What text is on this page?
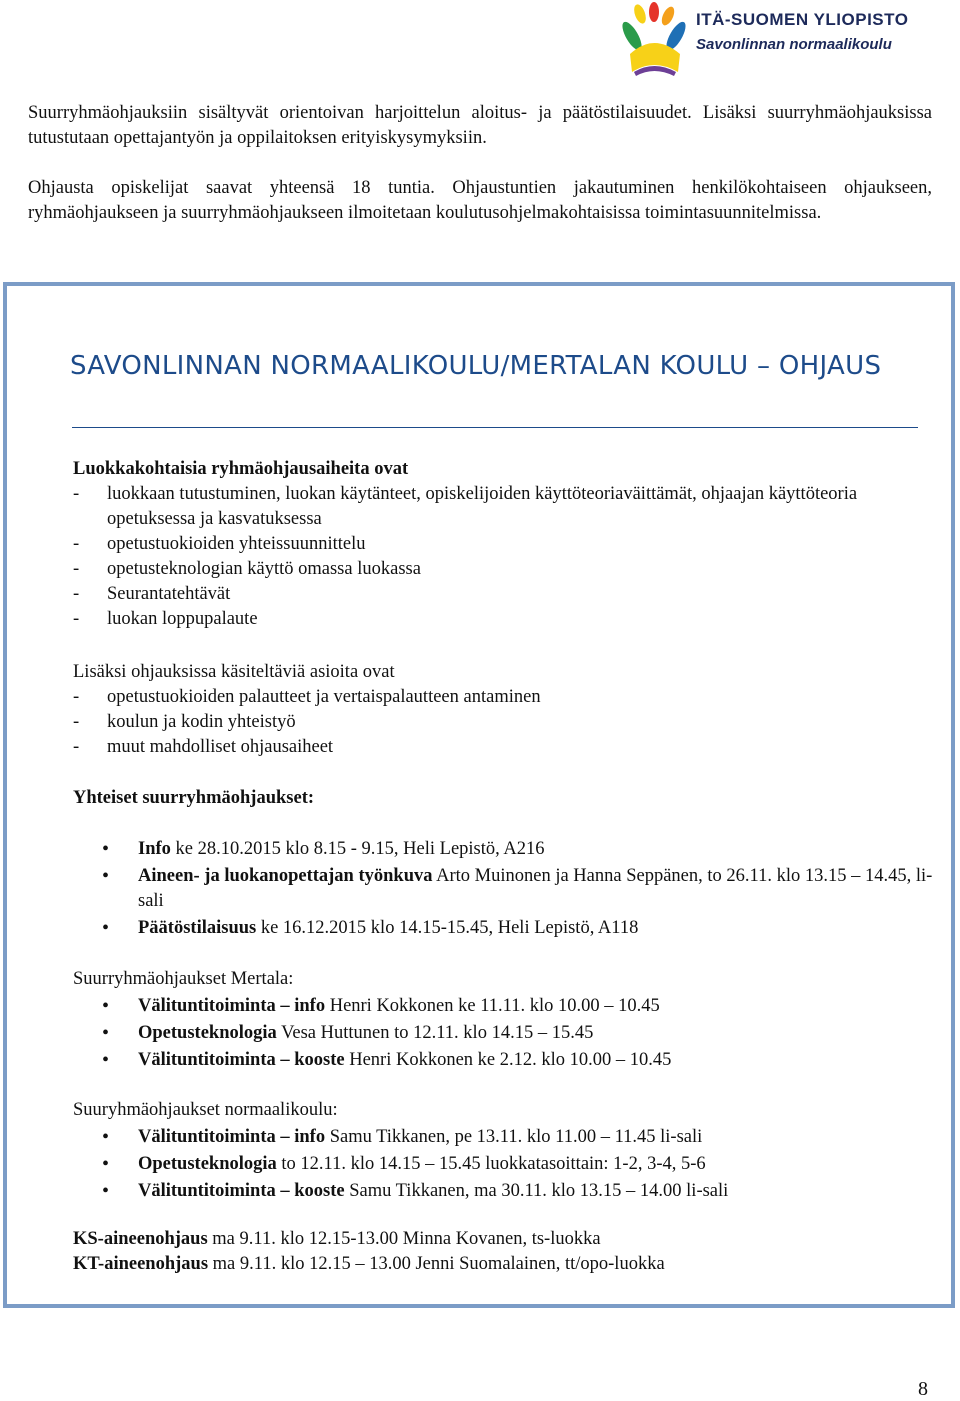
ITÄ-SUOMEN YLIOPISTO
Savonlinnan normaalikoulu

Suurryhmäohjauksiin sisältyvät orientoivan harjoittelun aloitus- ja päätöstilaisuudet. Lisäksi suurryhmäohjauksissa tutustutaan opettajantyön ja oppilaitoksen erityiskysymyksiin.

Ohjausta opiskelijat saavat yhteensä 18 tuntia. Ohjaustuntien jakautuminen henkilökohtaiseen ohjaukseen, ryhmäohjaukseen ja suurryhmäohjaukseen ilmoitetaan koulutusohjelmakohtaisissa toimintasuunnitelmissa.

SAVONLINNAN NORMAALIKOULU/MERTALAN KOULU – OHJAUS
Luokkakohtaisia ryhmäohjausaiheita ovat
- luokkaan tutustuminen, luokan käytänteet, opiskelijoiden käyttöteoriaväittämät, ohjaajan käyttöteoria opetuksessa ja kasvatuksessa
- opetustuokioiden yhteissuunnittelu
- opetusteknologian käyttö omassa luokassa
- Seurantatehtävät
- luokan loppupalaute
Lisäksi ohjauksissa käsiteltäviä asioita ovat
- opetustuokioiden palautteet ja vertaispalautteen antaminen
- koulun ja kodin yhteistyö
- muut mahdolliset ohjausaiheet
Yhteiset suurryhmäohjaukset:
• Info ke 28.10.2015 klo 8.15 - 9.15, Heli Lepistö, A216
• Aineen- ja luokanopettajan työnkuva Arto Muinonen ja Hanna Seppänen, to 26.11. klo 13.15 – 14.45, li-sali
• Päätöstilaisuus ke 16.12.2015 klo 14.15-15.45, Heli Lepistö, A118
Suurryhmäohjaukset Mertala:
• Välituntitoiminta – info Henri Kokkonen ke 11.11. klo 10.00 – 10.45
• Opetusteknologia Vesa Huttunen to 12.11. klo 14.15 – 15.45
• Välituntitoiminta – kooste Henri Kokkonen ke 2.12. klo 10.00 – 10.45
Suuryhmäohjaukset normaalikoulu:
• Välituntitoiminta – info Samu Tikkanen, pe 13.11. klo 11.00 – 11.45 li-sali
• Opetusteknologia to 12.11. klo 14.15 – 15.45 luokkatasoittain: 1-2, 3-4, 5-6
• Välituntitoiminta – kooste Samu Tikkanen, ma 30.11. klo 13.15 – 14.00 li-sali
KS-aineenohjaus ma 9.11. klo 12.15-13.00 Minna Kovanen, ts-luokka
KT-aineenohjaus ma 9.11. klo 12.15 – 13.00 Jenni Suomalainen, tt/opo-luokka
8
